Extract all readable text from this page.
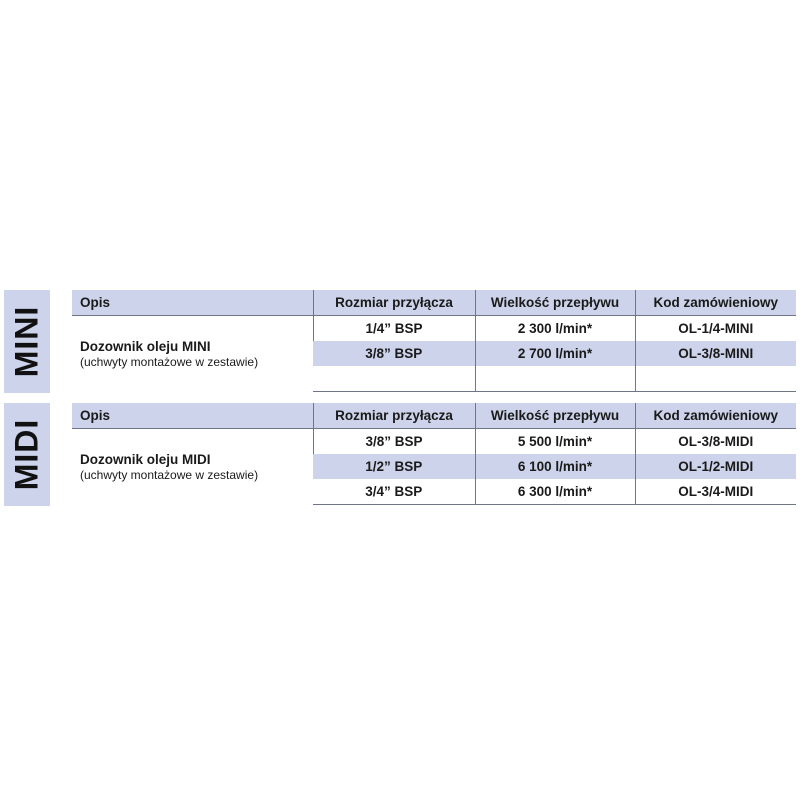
MINI
Opis	Rozmiar przyłącza	Wielkość przepływu	Kod zamówieniowy

Dozownik oleju MINI
(uchwyty montażowe w zestawie)	1/4” BSP	2 300 l/min*	OL-1/4-MINI
	3/8” BSP	2 700 l/min*	OL-3/8-MINI

MIDI
Opis	Rozmiar przyłącza	Wielkość przepływu	Kod zamówieniowy

Dozownik oleju MIDI
(uchwyty montażowe w zestawie)	3/8” BSP	5 500 l/min*	OL-3/8-MIDI
	1/2” BSP	6 100 l/min*	OL-1/2-MIDI
	3/4” BSP	6 300 l/min*	OL-3/4-MIDI
